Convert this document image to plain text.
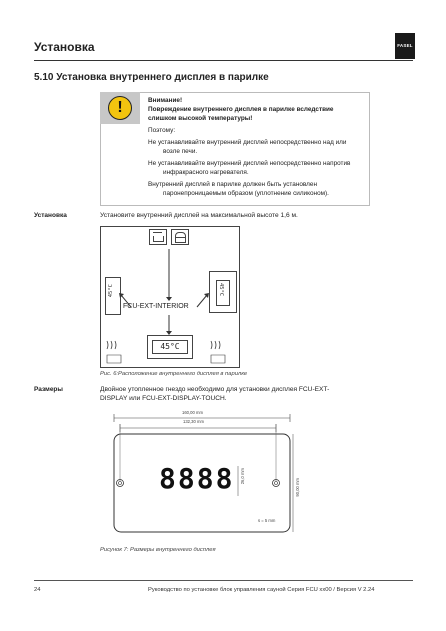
Установка	FASEL
5.10 Установка внутреннего дисплея в парилке
!	Внимание!
Повреждение внутреннего дисплея в парилке вследствие
слишком высокой температуры!
Поэтому:
Не устанавливайте внутренний дисплей непосредственно над или
возле печи.
Не устанавливайте внутренний дисплей непосредственно напротив
инфракрасного нагревателя.
Внутренний дисплей в парилке должен быть установлен
паронепроницаемым образом (уплотнение силиконом).
Установка	Установите внутренний дисплей на максимальной высоте 1,6 м.
45°C	45°C
FCU-EXT-INTERIOR
45°C
Рис. 6:Расположение внутреннего дисплея в парилке
Размеры	Двойное утопленное гнездо необходимо для установки дисплея FCU-EXT-
DISPLAY или FCU-EXT-DISPLAY-TOUCH.
160,00 mm
132,30 mm
8888 26,0 mm
90,00 mm
s = 5 mm
Рисунок 7: Размеры внутреннего дисплея
24	Руководство по установке блок управления сауной Серия FCU xx00 / Версия V 2.24
